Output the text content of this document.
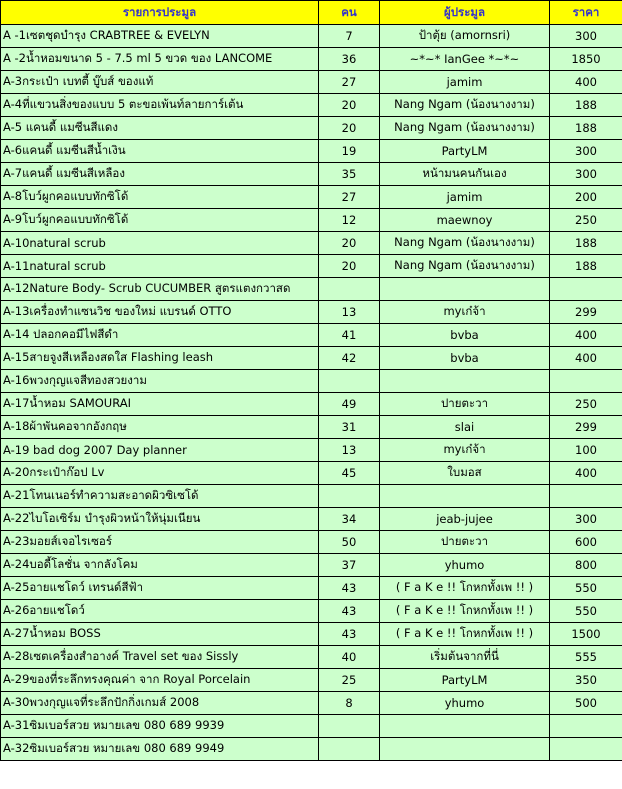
รายการประมูล	คน	ผู้ประมูล	ราคา
A -1เซตชุดบำรุง CRABTREE & EVELYN	7	ป้าตุ้ย (amornsri)	300
A -2น้ำหอมขนาด 5 - 7.5 ml 5 ขวด ของ LANCOME	36	~*~* IanGee *~*~	1850
A-3กระเป๋า เบทตี้ บู๊บส์ ของแท้	27	jamim	400
A-4ที่แขวนสิ่งของแบบ 5 ตะขอเพ้นท์ลายการ์เต้น	20	Nang Ngam (น้องนางงาม)	188
A-5 แคนดี้ แมซีนสีแดง	20	Nang Ngam (น้องนางงาม)	188
A-6แคนดี้ แมซีนสีน้ำเงิน	19	PartyLM	300
A-7แคนดี้ แมซีนสีเหลือง	35	หน้ามนคนกันเอง	300
A-8โบว์ผูกคอแบบทักซิโด้	27	jamim	200
A-9โบว์ผูกคอแบบทักซิโด้	12	maewnoy	250
A-10natural scrub	20	Nang Ngam (น้องนางงาม)	188
A-11natural scrub	20	Nang Ngam (น้องนางงาม)	188
A-12Nature Body- Scrub CUCUMBER สูตรแตงกวาสด			
A-13เครื่องทำแซนวิช ของใหม่ แบรนด์ OTTO	13	myเก๋จ้า	299
A-14 ปลอกคอมีไฟสีดำ	41	bvba	400
A-15สายจูงสีเหลืองสดใส Flashing leash	42	bvba	400
A-16พวงกุญแจสีทองสวยงาม			
A-17น้ำหอม SAMOURAI	49	ปายตะวา	250
A-18ผ้าพันคอจากอังกฤษ	31	slai	299
A-19 bad dog 2007 Day planner	13	myเก๋จ้า	100
A-20กระเป๋าก๊อป Lv	45	ใบมอส	400
A-21โทนเนอร์ทำความสะอาดผิวซิเซโด้			
A-22ไบโอเซิร์ม บำรุงผิวหน้าให้นุ่มเนียน	34	jeab-jujee	300
A-23มอยส์เจอไรเซอร์	50	ปายตะวา	600
A-24บอดี้โลชั่น จากลังโคม	37	yhumo	800
A-25อายแชโดว์ เทรนด์สีฟ้า	43	( F a K e !! โกหกทั้งเพ !! )	550
A-26อายแชโดว์	43	( F a K e !! โกหกทั้งเพ !! )	550
A-27น้ำหอม BOSS	43	( F a K e !! โกหกทั้งเพ !! )	1500
A-28เซตเครื่องสำอางค์ Travel set ของ Sissly	40	เริ่มต้นจากที่นี่	555
A-29ของที่ระลึกทรงคุณค่า จาก Royal Porcelain	25	PartyLM	350
A-30พวงกุญแจที่ระลึกปักกิ่งเกมส์ 2008	8	yhumo	500
A-31ซิมเบอร์สวย หมายเลข 080 689 9939			
A-32ซิมเบอร์สวย หมายเลข 080 689 9949			
